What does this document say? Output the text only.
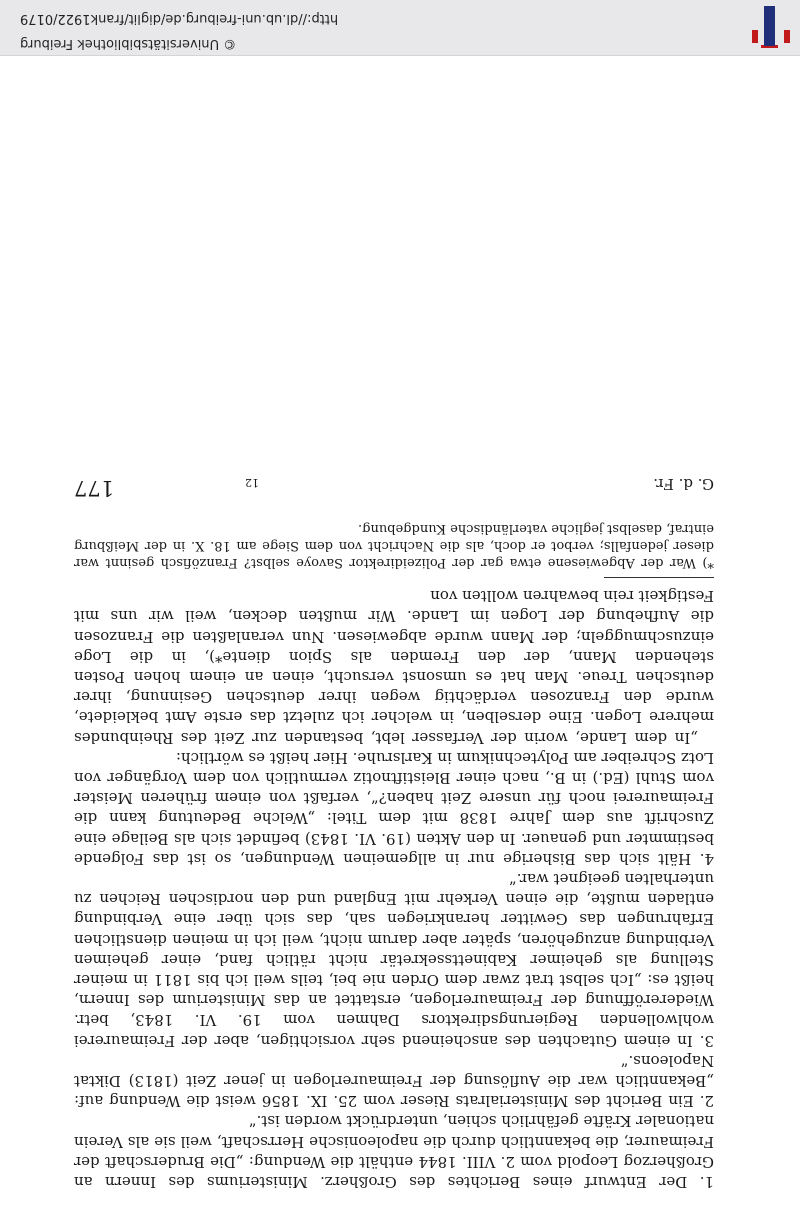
1. Der Entwurf eines Berichtes des Großherz. Ministeriums des Innern an Großherzog Leopold vom 2. VIII. 1844 enthält die Wendung: „Die Bruderschaft der Freimaurer, die bekanntlich durch die napoleonische Herrschaft, weil sie als Verein nationaler Kräfte gefährlich schien, unterdrückt worden ist.“

2. Ein Bericht des Ministerialrats Rieser vom 25. IX. 1856 weist die Wendung auf: „Bekanntlich war die Auflösung der Freimaurerlogen in jener Zeit (1813) Diktat Napoleons.“

3. In einem Gutachten des anscheinend sehr vorsichtigen, aber der Freimaurerei wohlwollenden Regierungsdirektors Dahmen vom 19. VI. 1843, betr. Wiedereröffnung der Freimaurerlogen, erstattet an das Ministerium des Innern, heißt es: „Ich selbst trat zwar dem Orden nie bei, teils weil ich bis 1811 in meiner Stellung als geheimer Kabinettssekretär nicht rätlich fand, einer geheimen Verbindung anzugehören, später aber darum nicht, weil ich in meinen dienstlichen Erfahrungen das Gewitter herankriegen sah, das sich über eine Verbindung entladen mußte, die einen Verkehr mit England und den nordischen Reichen zu unterhalten geeignet war.“

4. Hält sich das Bisherige nur in allgemeinen Wendungen, so ist das Folgende bestimmter und genauer. In den Akten (19. VI. 1843) befindet sich als Beilage eine Zuschrift aus dem Jahre 1838 mit dem Titel: „Welche Bedeutung kann die Freimaurerei noch für unsere Zeit haben?“, verfaßt von einem früheren Meister vom Stuhl (Ed.) in B., nach einer Bleistiftnotiz vermutlich von dem Vorgänger von Lotz Schreiber am Polytechnikum in Karlsruhe. Hier heißt es wörtlich:

„In dem Lande, worin der Verfasser lebt, bestanden zur Zeit des Rheinbundes mehrere Logen. Eine derselben, in welcher ich zuletzt das erste Amt bekleidete, wurde den Franzosen verdächtig wegen ihrer deutschen Gesinnung, ihrer deutschen Treue. Man hat es umsonst versucht, einen an einem hohen Posten stehenden Mann, der den Fremden als Spion diente*), in die Loge einzuschmuggeln; der Mann wurde abgewiesen. Nun veranlaßten die Franzosen die Aufhebung der Logen im Lande. Wir mußten decken, weil wir uns mit Festigkeit rein bewahren wollten von

*) War der Abgewiesene etwa gar der Polizeidirektor Savoye selbst? Franzöfisch gesinnt war dieser jedenfalls; verbot er doch, als die Nachricht von dem Siege am 18. X. in der Meißburg eintraf, daselbst jegliche vaterländische Kundgebung.

G. d. Fr.
12
177
© Universitätsbibliothek Freiburg
http://dl.ub.uni-freiburg.de/diglit/frank1922/0179
